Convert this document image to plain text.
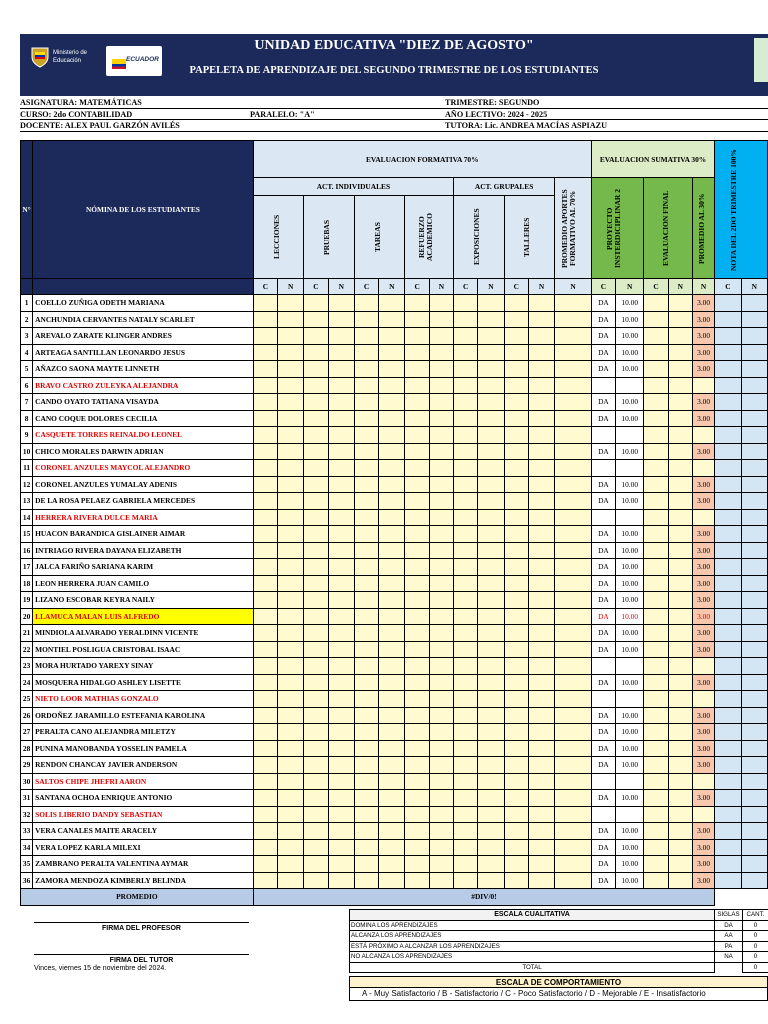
Ministerio de Educación	ECUADOR
UNIDAD EDUCATIVA "DIEZ DE AGOSTO"
PAPELETA DE APRENDIZAJE DEL SEGUNDO TRIMESTRE DE LOS ESTUDIANTES
ASIGNATURA: MATEMÁTICAS	TRIMESTRE: SEGUNDO
CURSO: 2do CONTABILIDAD	PARALELO: "A"	AÑO LECTIVO: 2024 - 2025
DOCENTE: ALEX PAUL GARZÓN AVILÉS	TUTORA: Lic. ANDREA MACÍAS ASPIAZU
N°	NÓMINA DE LOS ESTUDIANTES	EVALUACION FORMATIVA 70%													EVALUACION SUMATIVA 30%					NOTA DEL 2DO TRIMESTRE 100%	

		ACT. INDIVIDUALES								ACT. GRUPALES				PROMEDIO APORTES FORMATIVO AL 70%	PROYECTO INSTERDICIPLINAR 2		EVALUACION FINAL		PROMEDIO AL 30%		

		LECCIONES		PRUEBAS		TAREAS		REFUERZO ACADEMICO		EXPOSICIONES		TALLERES									

		C	N	C	N	C	N	C	N	C	N	C	N	N	C	N	C	N	N	C	N
1	COELLO ZUÑIGA ODETH MARIANA														DA	10.00			3.00		
2	ANCHUNDIA CERVANTES NATALY SCARLET														DA	10.00			3.00		
3	AREVALO ZARATE KLINGER ANDRES														DA	10.00			3.00		
4	ARTEAGA SANTILLAN LEONARDO JESUS														DA	10.00			3.00		
5	AÑAZCO SAONA MAYTE LINNETH														DA	10.00			3.00		
6	BRAVO CASTRO ZULEYKA ALEJANDRA																				
7	CANDO OYATO TATIANA VISAYDA														DA	10.00			3.00		
8	CANO COQUE DOLORES CECILIA														DA	10.00			3.00		
9	CASQUETE TORRES REINALDO LEONEL																				
10	CHICO MORALES DARWIN ADRIAN														DA	10.00			3.00		
11	CORONEL ANZULES MAYCOL ALEJANDRO																				
12	CORONEL ANZULES YUMALAY ADENIS														DA	10.00			3.00		
13	DE LA ROSA PELAEZ GABRIELA MERCEDES														DA	10.00			3.00		
14	HERRERA RIVERA DULCE MARIA																				
15	HUACON BARANDICA GISLAINER AIMAR														DA	10.00			3.00		
16	INTRIAGO RIVERA DAYANA ELIZABETH														DA	10.00			3.00		
17	JALCA FARIÑO SARIANA KARIM														DA	10.00			3.00		
18	LEON HERRERA JUAN CAMILO														DA	10.00			3.00		
19	LIZANO ESCOBAR KEYRA NAILY														DA	10.00			3.00		
20	LLAMUCA MALAN LUIS ALFREDO														DA	10.00			3.00		
21	MINDIOLA ALVARADO YERALDINN VICENTE														DA	10.00			3.00		
22	MONTIEL POSLIGUA CRISTOBAL ISAAC														DA	10.00			3.00		
23	MORA HURTADO YAREXY SINAY																				
24	MOSQUERA HIDALGO ASHLEY LISETTE														DA	10.00			3.00		
25	NIETO LOOR MATHIAS GONZALO																				
26	ORDOÑEZ JARAMILLO ESTEFANIA KAROLINA														DA	10.00			3.00		
27	PERALTA CANO ALEJANDRA MILETZY														DA	10.00			3.00		
28	PUNINA MANOBANDA YOSSELIN PAMELA														DA	10.00			3.00		
29	RENDON CHANCAY JAVIER ANDERSON														DA	10.00			3.00		
30	SALTOS CHIPE JHEFRI AARON																				
31	SANTANA OCHOA ENRIQUE ANTONIO														DA	10.00			3.00		
32	SOLIS LIBERIO DANDY SEBASTIAN																				
33	VERA CANALES MAITE ARACELY														DA	10.00			3.00		
34	VERA LOPEZ KARLA MILEXI														DA	10.00			3.00		
35	ZAMBRANO PERALTA VALENTINA AYMAR														DA	10.00			3.00		
36	ZAMORA MENDOZA KIMBERLY BELINDA														DA	10.00			3.00		
PROMEDIO		#DIV/0!																			
FIRMA DEL PROFESOR
FIRMA DEL TUTOR
Vinces, viernes 15 de noviembre del 2024.
ESCALA CUALITATIVA	SIGLAS	CANT.
DOMINA LOS APRENDIZAJES	DA	0
ALCANZA LOS APRENDIZAJES	AA	0
ESTÁ PRÓXIMO A ALCANZAR LOS APRENDIZAJES	PA	0
NO ALCANZA LOS APRENDIZAJES	NA	0
TOTAL		0
ESCALA DE COMPORTAMIENTO
A - Muy Satisfactorio / B - Satisfactorio / C - Poco Satisfactorio / D - Mejorable / E - Insatisfactorio
